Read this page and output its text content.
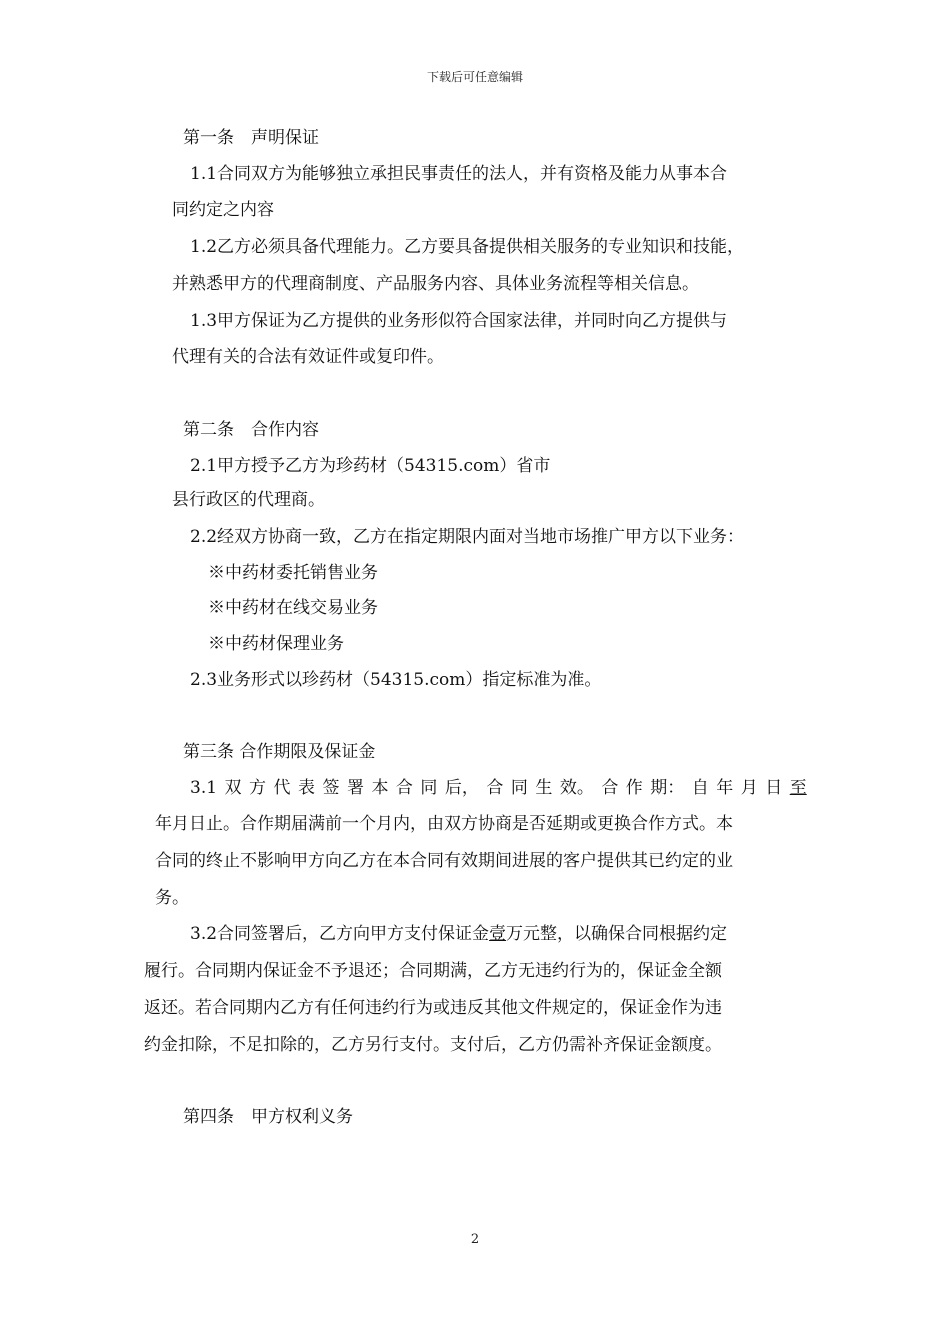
下载后可任意编辑
第一条　声明保证
1.1合同双方为能够独立承担民事责任的法人，并有资格及能力从事本合
同约定之内容
1.2乙方必须具备代理能力。乙方要具备提供相关服务的专业知识和技能，
并熟悉甲方的代理商制度、产品服务内容、具体业务流程等相关信息。
1.3甲方保证为乙方提供的业务形似符合国家法律，并同时向乙方提供与
代理有关的合法有效证件或复印件。
第二条　合作内容
2.1甲方授予乙方为珍药材（54315.com）省市
县行政区的代理商。
2.2经双方协商一致，乙方在指定期限内面对当地市场推广甲方以下业务：
※中药材委托销售业务
※中药材在线交易业务
※中药材保理业务
2.3业务形式以珍药材（54315.com）指定标准为准。
第三条 合作期限及保证金
3.1 双 方 代 表 签 署 本 合 同 后， 合 同 生 效。 合 作 期： 自 年 月 日 至
年月日止。合作期届满前一个月内，由双方协商是否延期或更换合作方式。本
合同的终止不影响甲方向乙方在本合同有效期间进展的客户提供其已约定的业
务。
3.2合同签署后，乙方向甲方支付保证金壹万元整，以确保合同根据约定
履行。合同期内保证金不予退还；合同期满，乙方无违约行为的，保证金全额
返还。若合同期内乙方有任何违约行为或违反其他文件规定的，保证金作为违
约金扣除，不足扣除的，乙方另行支付。支付后，乙方仍需补齐保证金额度。
第四条　甲方权利义务
2
